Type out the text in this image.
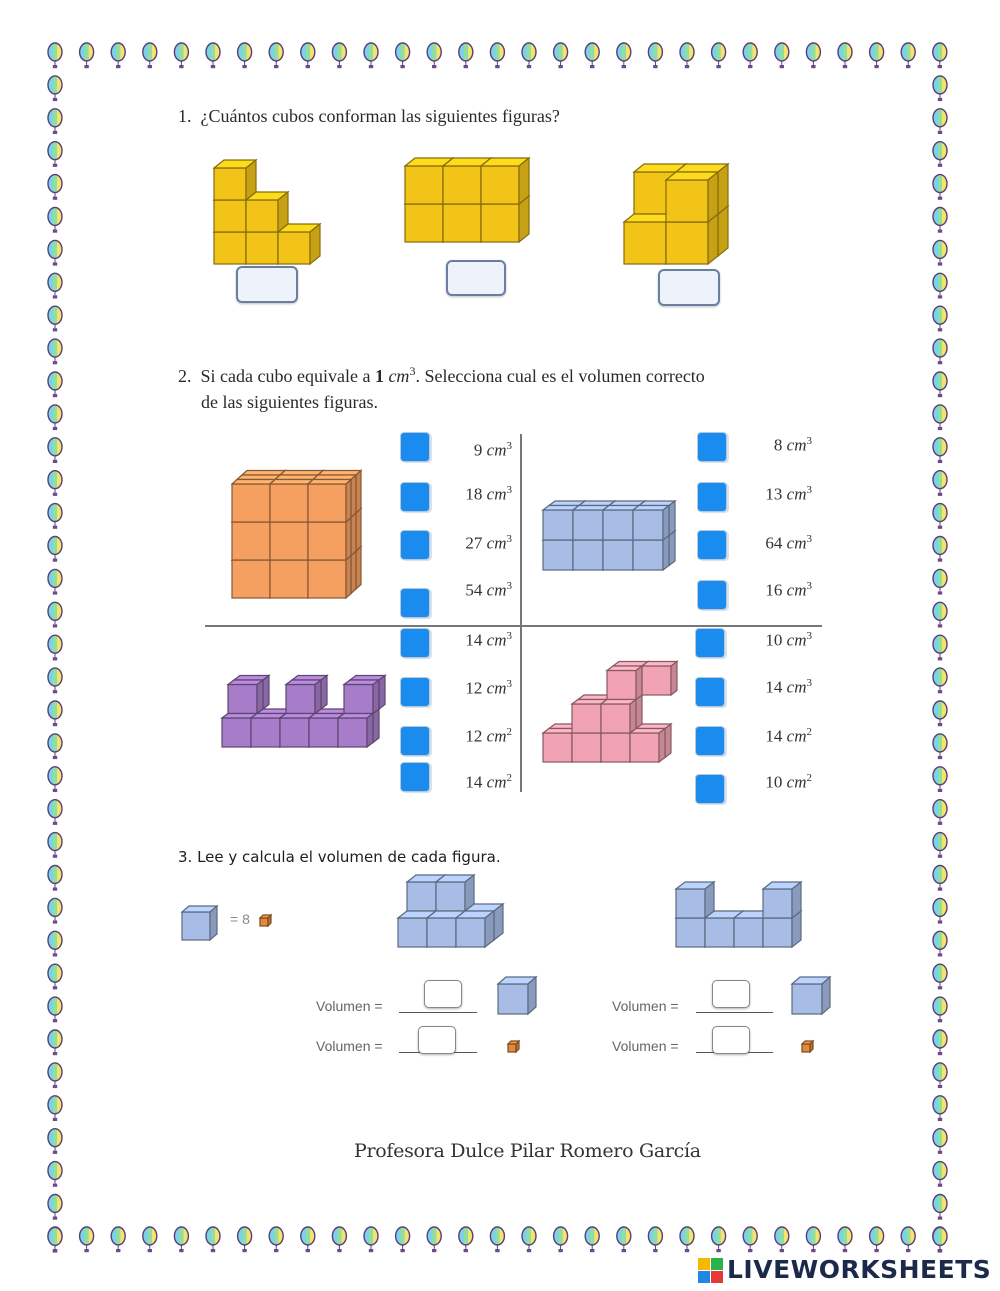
1. ¿Cuántos cubos conforman las siguientes figuras?
2. Si cada cubo equivale a 1 $cm^3$. Selecciona cual es el volumen correcto
de las siguientes figuras.
9 $cm^3$
18 $cm^3$
27 $cm^3$
54 $cm^3$
8 $cm^3$
13 $cm^3$
64 $cm^3$
16 $cm^3$
14 $cm^3$
12 $cm^3$
12 $cm^2$
14 $cm^2$
10 $cm^3$
14 $cm^3$
14 $cm^2$
10 $cm^2$
3. Lee y calcula el volumen de cada figura.
= 8
Volumen =
Volumen =
Volumen =
Volumen =
Profesora Dulce Pilar Romero García
LIVEWORKSHEETS
